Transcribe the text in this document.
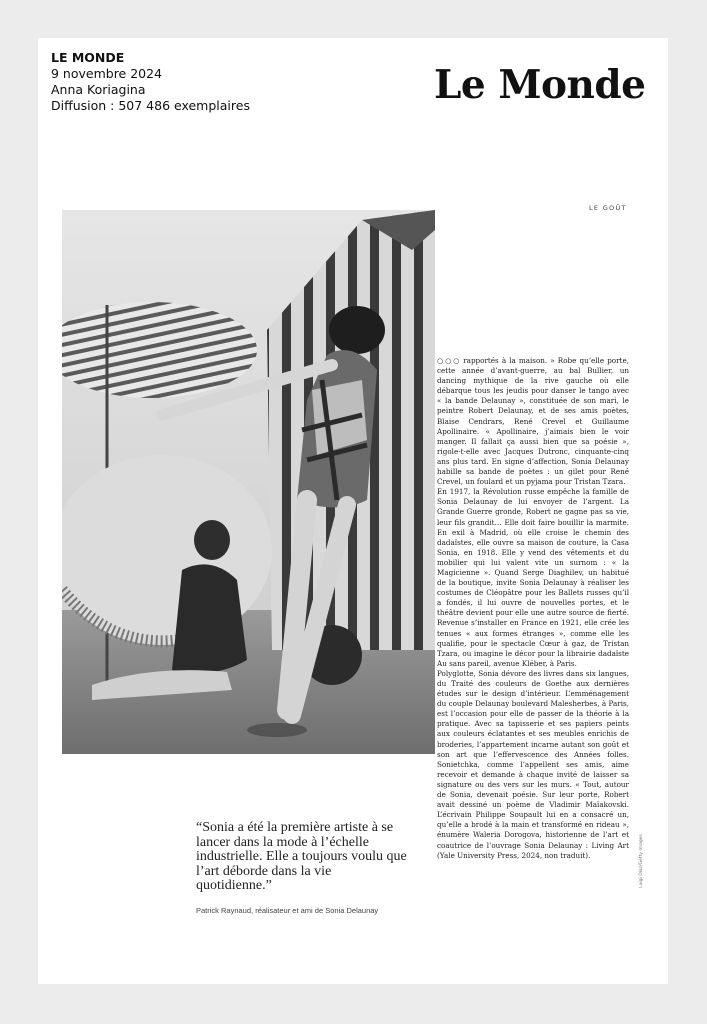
LE MONDE
9 novembre 2024
Anna Koriagina
Diffusion : 507 486 exemplaires	Le Monde
LE GOÛT
“Sonia a été la première artiste à se lancer dans la mode à l’échelle industrielle. Elle a toujours voulu que l’art déborde dans la vie quotidienne.”
Patrick Raynaud, réalisateur et ami de Sonia Delaunay

○○○ rapportés à la maison. » Robe qu’elle porte, cette année d’avant-guerre, au bal Bullier, un dancing mythique de la rive gauche où elle débarque tous les jeudis pour danser le tango avec « la bande Delaunay », constituée de son mari, le peintre Robert Delaunay, et de ses amis poètes, Blaise Cendrars, René Crevel et Guillaume Apollinaire. « Apollinaire, j’aimais bien le voir manger. Il fallait ça aussi bien que sa poésie », rigole-t-elle avec Jacques Dutronc, cinquante-cinq ans plus tard. En signe d’affection, Sonia Delaunay habille sa bande de poètes : un gilet pour René Crevel, un foulard et un pyjama pour Tristan Tzara.

En 1917, la Révolution russe empêche la famille de Sonia Delaunay de lui envoyer de l’argent. La Grande Guerre gronde, Robert ne gagne pas sa vie, leur fils grandit… Elle doit faire bouillir la marmite. En exil à Madrid, où elle croise le chemin des dadaïstes, elle ouvre sa maison de couture, la Casa Sonia, en 1918. Elle y vend des vêtements et du mobilier qui lui valent vite un surnom : « la Magicienne ». Quand Serge Diaghilev, un habitué de la boutique, invite Sonia Delaunay à réaliser les costumes de Cléopâtre pour les Ballets russes qu’il a fondés, il lui ouvre de nouvelles portes, et le théâtre devient pour elle une autre source de fierté. Revenue s’installer en France en 1921, elle crée les tenues « aux formes étranges », comme elle les qualifie, pour le spectacle Cœur à gaz, de Tristan Tzara, ou imagine le décor pour la librairie dadaïste Au sans pareil, avenue Kléber, à Paris.

Polyglotte, Sonia dévore des livres dans six langues, du Traité des couleurs de Goethe aux dernières études sur le design d’intérieur. L’emménagement du couple Delaunay boulevard Malesherbes, à Paris, est l’occasion pour elle de passer de la théorie à la pratique. Avec sa tapisserie et ses papiers peints aux couleurs éclatantes et ses meubles enrichis de broderies, l’appartement incarne autant son goût et son art que l’effervescence des Années folles. Sonietchka, comme l’appellent ses amis, aime recevoir et demande à chaque invité de laisser sa signature ou des vers sur les murs. « Tout, autour de Sonia, devenait poésie. Sur leur porte, Robert avait dessiné un poème de Vladimir Maïakovski. L’écrivain Philippe Soupault lui en a consacré un, qu’elle a brodé à la main et transformé en rideau », énumère Waleria Dorogova, historienne de l’art et coautrice de l’ouvrage Sonia Delaunay : Living Art (Yale University Press, 2024, non traduit).	Luigi Diaz/Getty Images
